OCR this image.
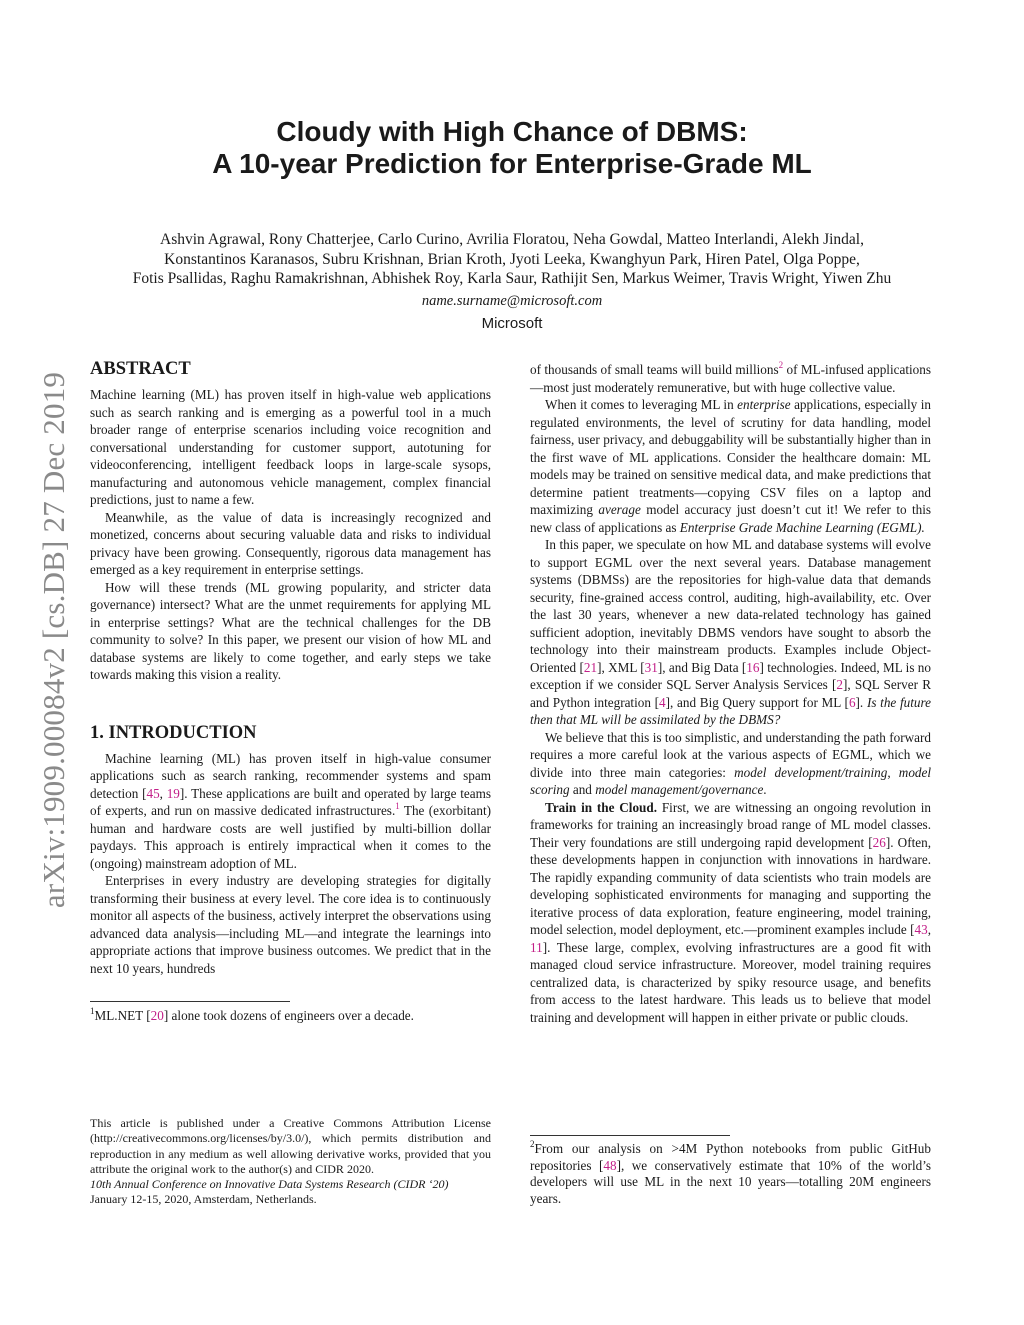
arXiv:1909.00084v2 [cs.DB] 27 Dec 2019
Cloudy with High Chance of DBMS:
A 10-year Prediction for Enterprise-Grade ML
Ashvin Agrawal, Rony Chatterjee, Carlo Curino, Avrilia Floratou, Neha Gowdal, Matteo Interlandi, Alekh Jindal,
Konstantinos Karanasos, Subru Krishnan, Brian Kroth, Jyoti Leeka, Kwanghyun Park, Hiren Patel, Olga Poppe,
Fotis Psallidas, Raghu Ramakrishnan, Abhishek Roy, Karla Saur, Rathijit Sen, Markus Weimer, Travis Wright, Yiwen Zhu
name.surname@microsoft.com
Microsoft
ABSTRACT

Machine learning (ML) has proven itself in high-value web applications such as search ranking and is emerging as a powerful tool in a much broader range of enterprise scenarios including voice recognition and conversational understanding for customer support, autotuning for videoconferencing, intelligent feedback loops in large-scale sysops, manufacturing and autonomous vehicle management, complex financial predictions, just to name a few.

Meanwhile, as the value of data is increasingly recognized and monetized, concerns about securing valuable data and risks to individual privacy have been growing. Consequently, rigorous data management has emerged as a key requirement in enterprise settings.

How will these trends (ML growing popularity, and stricter data governance) intersect? What are the unmet requirements for applying ML in enterprise settings? What are the technical challenges for the DB community to solve? In this paper, we present our vision of how ML and database systems are likely to come together, and early steps we take towards making this vision a reality.

1. INTRODUCTION

Machine learning (ML) has proven itself in high-value consumer applications such as search ranking, recommender systems and spam detection [45, 19]. These applications are built and operated by large teams of experts, and run on massive dedicated infrastructures.$^1$ The (exorbitant) human and hardware costs are well justified by multi-billion dollar paydays. This approach is entirely impractical when it comes to the (ongoing) mainstream adoption of ML.

Enterprises in every industry are developing strategies for digitally transforming their business at every level. The core idea is to continuously monitor all aspects of the business, actively interpret the observations using advanced data analysis—including ML—and integrate the learnings into appropriate actions that improve business outcomes. We predict that in the next 10 years, hundreds

$^1$ML.NET [20] alone took dozens of engineers over a decade.
This article is published under a Creative Commons Attribution License (http://creativecommons.org/licenses/by/3.0/), which permits distribution and reproduction in any medium as well allowing derivative works, provided that you attribute the original work to the author(s) and CIDR 2020.
10th Annual Conference on Innovative Data Systems Research (CIDR ‘20)
January 12-15, 2020, Amsterdam, Netherlands.

of thousands of small teams will build millions$^2$ of ML-infused applications—most just moderately remunerative, but with huge collective value.

When it comes to leveraging ML in enterprise applications, especially in regulated environments, the level of scrutiny for data handling, model fairness, user privacy, and debuggability will be substantially higher than in the first wave of ML applications. Consider the healthcare domain: ML models may be trained on sensitive medical data, and make predictions that determine patient treatments—copying CSV files on a laptop and maximizing average model accuracy just doesn’t cut it! We refer to this new class of applications as Enterprise Grade Machine Learning (EGML).

In this paper, we speculate on how ML and database systems will evolve to support EGML over the next several years. Database management systems (DBMSs) are the repositories for high-value data that demands security, fine-grained access control, auditing, high-availability, etc. Over the last 30 years, whenever a new data-related technology has gained sufficient adoption, inevitably DBMS vendors have sought to absorb the technology into their mainstream products. Examples include Object-Oriented [21], XML [31], and Big Data [16] technologies. Indeed, ML is no exception if we consider SQL Server Analysis Services [2], SQL Server R and Python integration [4], and Big Query support for ML [6]. Is the future then that ML will be assimilated by the DBMS?

We believe that this is too simplistic, and understanding the path forward requires a more careful look at the various aspects of EGML, which we divide into three main categories: model development/training, model scoring and model management/governance.

Train in the Cloud. First, we are witnessing an ongoing revolution in frameworks for training an increasingly broad range of ML model classes. Their very foundations are still undergoing rapid development [26]. Often, these developments happen in conjunction with innovations in hardware. The rapidly expanding community of data scientists who train models are developing sophisticated environments for managing and supporting the iterative process of data exploration, feature engineering, model training, model selection, model deployment, etc.—prominent examples include [43, 11]. These large, complex, evolving infrastructures are a good fit with managed cloud service infrastructure. Moreover, model training requires centralized data, is characterized by spiky resource usage, and benefits from access to the latest hardware. This leads us to believe that model training and development will happen in either private or public clouds.

$^2$From our analysis on >4M Python notebooks from public GitHub repositories [48], we conservatively estimate that 10% of the world’s developers will use ML in the next 10 years—totalling 20M engineers years.
